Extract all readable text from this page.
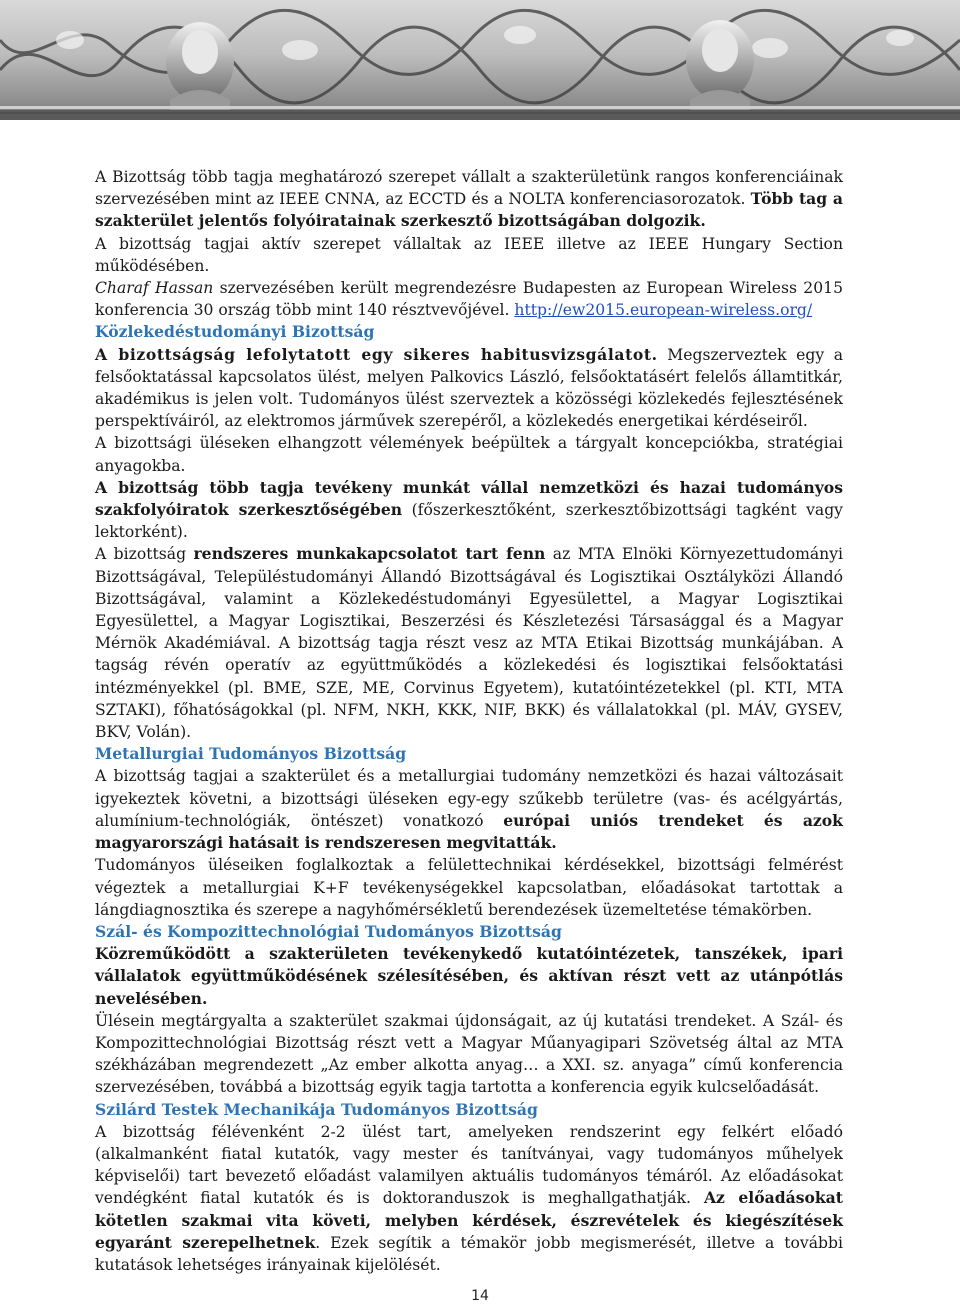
A Bizottság több tagja meghatározó szerepet vállalt a szakterületünk rangos konferenciáinak szervezésében mint az IEEE CNNA, az ECCTD és a NOLTA konferenciasorozatok. Több tag a szakterület jelentős folyóiratainak szerkesztő bizottságában dolgozik.

A bizottság tagjai aktív szerepet vállaltak az IEEE illetve az IEEE Hungary Section működésében.

Charaf Hassan szervezésében került megrendezésre Budapesten az European Wireless 2015 konferencia 30 ország több mint 140 résztvevőjével. http://ew2015.european-wireless.org/

Közlekedéstudományi Bizottság

A bizottságság lefolytatott egy sikeres habitusvizsgálatot. Megszerveztek egy a felsőoktatással kapcsolatos ülést, melyen Palkovics László, felsőoktatásért felelős államtitkár, akadémikus is jelen volt. Tudományos ülést szerveztek a közösségi közlekedés fejlesztésének perspektíváiról, az elektromos járművek szerepéről, a közlekedés energetikai kérdéseiről.

A bizottsági üléseken elhangzott vélemények beépültek a tárgyalt koncepciókba, stratégiai anyagokba.

A bizottság több tagja tevékeny munkát vállal nemzetközi és hazai tudományos szakfolyóiratok szerkesztőségében (főszerkesztőként, szerkesztőbizottsági tagként vagy lektorként).

A bizottság rendszeres munkakapcsolatot tart fenn az MTA Elnöki Környezettudományi Bizottságával, Településtudományi Állandó Bizottságával és Logisztikai Osztályközi Állandó Bizottságával, valamint a Közlekedéstudományi Egyesülettel, a Magyar Logisztikai Egyesülettel, a Magyar Logisztikai, Beszerzési és Készletezési Társasággal és a Magyar Mérnök Akadémiával. A bizottság tagja részt vesz az MTA Etikai Bizottság munkájában. A tagság révén operatív az együttműködés a közlekedési és logisztikai felsőoktatási intézményekkel (pl. BME, SZE, ME, Corvinus Egyetem), kutatóintézetekkel (pl. KTI, MTA SZTAKI), főhatóságokkal (pl. NFM, NKH, KKK, NIF, BKK) és vállalatokkal (pl. MÁV, GYSEV, BKV, Volán).

Metallurgiai Tudományos Bizottság

A bizottság tagjai a szakterület és a metallurgiai tudomány nemzetközi és hazai változásait igyekeztek követni, a bizottsági üléseken egy-egy szűkebb területre (vas- és acélgyártás, alumínium-technológiák, öntészet) vonatkozó európai uniós trendeket és azok magyarországi hatásait is rendszeresen megvitatták.

Tudományos üléseiken foglalkoztak a felülettechnikai kérdésekkel, bizottsági felmérést végeztek a metallurgiai K+F tevékenységekkel kapcsolatban, előadásokat tartottak a lángdiagnosztika és szerepe a nagyhőmérsékletű berendezések üzemeltetése témakörben.

Szál- és Kompozittechnológiai Tudományos Bizottság

Közreműködött a szakterületen tevékenykedő kutatóintézetek, tanszékek, ipari vállalatok együttműködésének szélesítésében, és aktívan részt vett az utánpótlás nevelésében.

Ülésein megtárgyalta a szakterület szakmai újdonságait, az új kutatási trendeket. A Szál- és Kompozittechnológiai Bizottság részt vett a Magyar Műanyagipari Szövetség által az MTA székházában megrendezett „Az ember alkotta anyag… a XXI. sz. anyaga” című konferencia szervezésében, továbbá a bizottság egyik tagja tartotta a konferencia egyik kulcselőadását.

Szilárd Testek Mechanikája Tudományos Bizottság

A bizottság félévenként 2-2 ülést tart, amelyeken rendszerint egy felkért előadó (alkalmanként fiatal kutatók, vagy mester és tanítványai, vagy tudományos műhelyek képviselői) tart bevezető előadást valamilyen aktuális tudományos témáról. Az előadásokat vendégként fiatal kutatók és is doktoranduszok is meghallgathatják. Az előadásokat kötetlen szakmai vita követi, melyben kérdések, észrevételek és kiegészítések egyaránt szerepelhetnek. Ezek segítik a témakör jobb megismerését, illetve a további kutatások lehetséges irányainak kijelölését.

14
